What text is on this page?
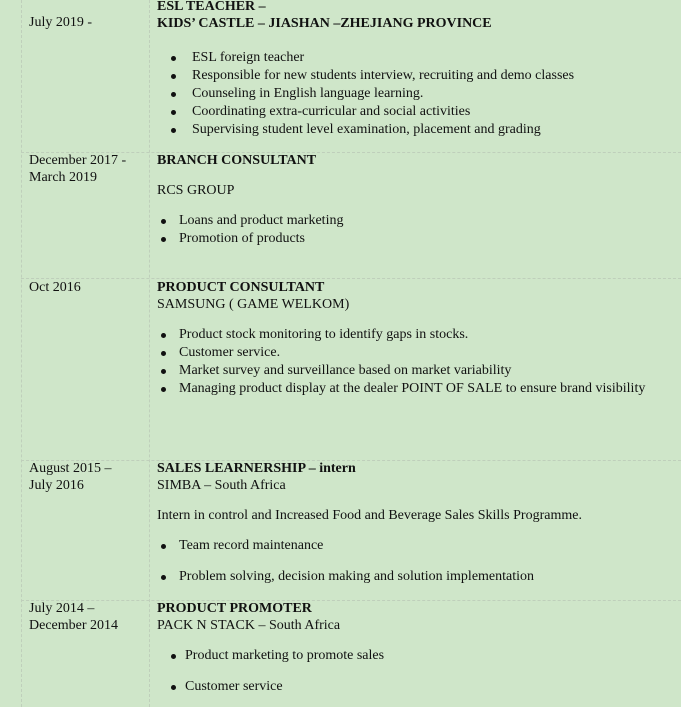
July 2019 -
ESL TEACHER –
KIDS’ CASTLE – JIASHAN –ZHEJIANG PROVINCE
ESL foreign teacher
Responsible for new students interview, recruiting and demo classes
Counseling in English language learning.
Coordinating extra-curricular and social activities
Supervising student level examination, placement and grading
December 2017 -
March 2019
BRANCH CONSULTANT
RCS GROUP
Loans and product marketing
Promotion of products
Oct 2016	PRODUCT CONSULTANT
SAMSUNG ( GAME WELKOM)
Product stock monitoring to identify gaps in stocks.
Customer service.
Market survey and surveillance based on market variability
Managing product display at the dealer POINT OF SALE to ensure brand visibility
August 2015 –
July 2016
SALES LEARNERSHIP – intern
SIMBA – South Africa
Intern in control and Increased Food and Beverage Sales Skills Programme.
Team record maintenance
Problem solving, decision making and solution implementation
July 2014 –
December 2014
PRODUCT PROMOTER
PACK N STACK – South Africa
Product marketing to promote sales
Customer service
